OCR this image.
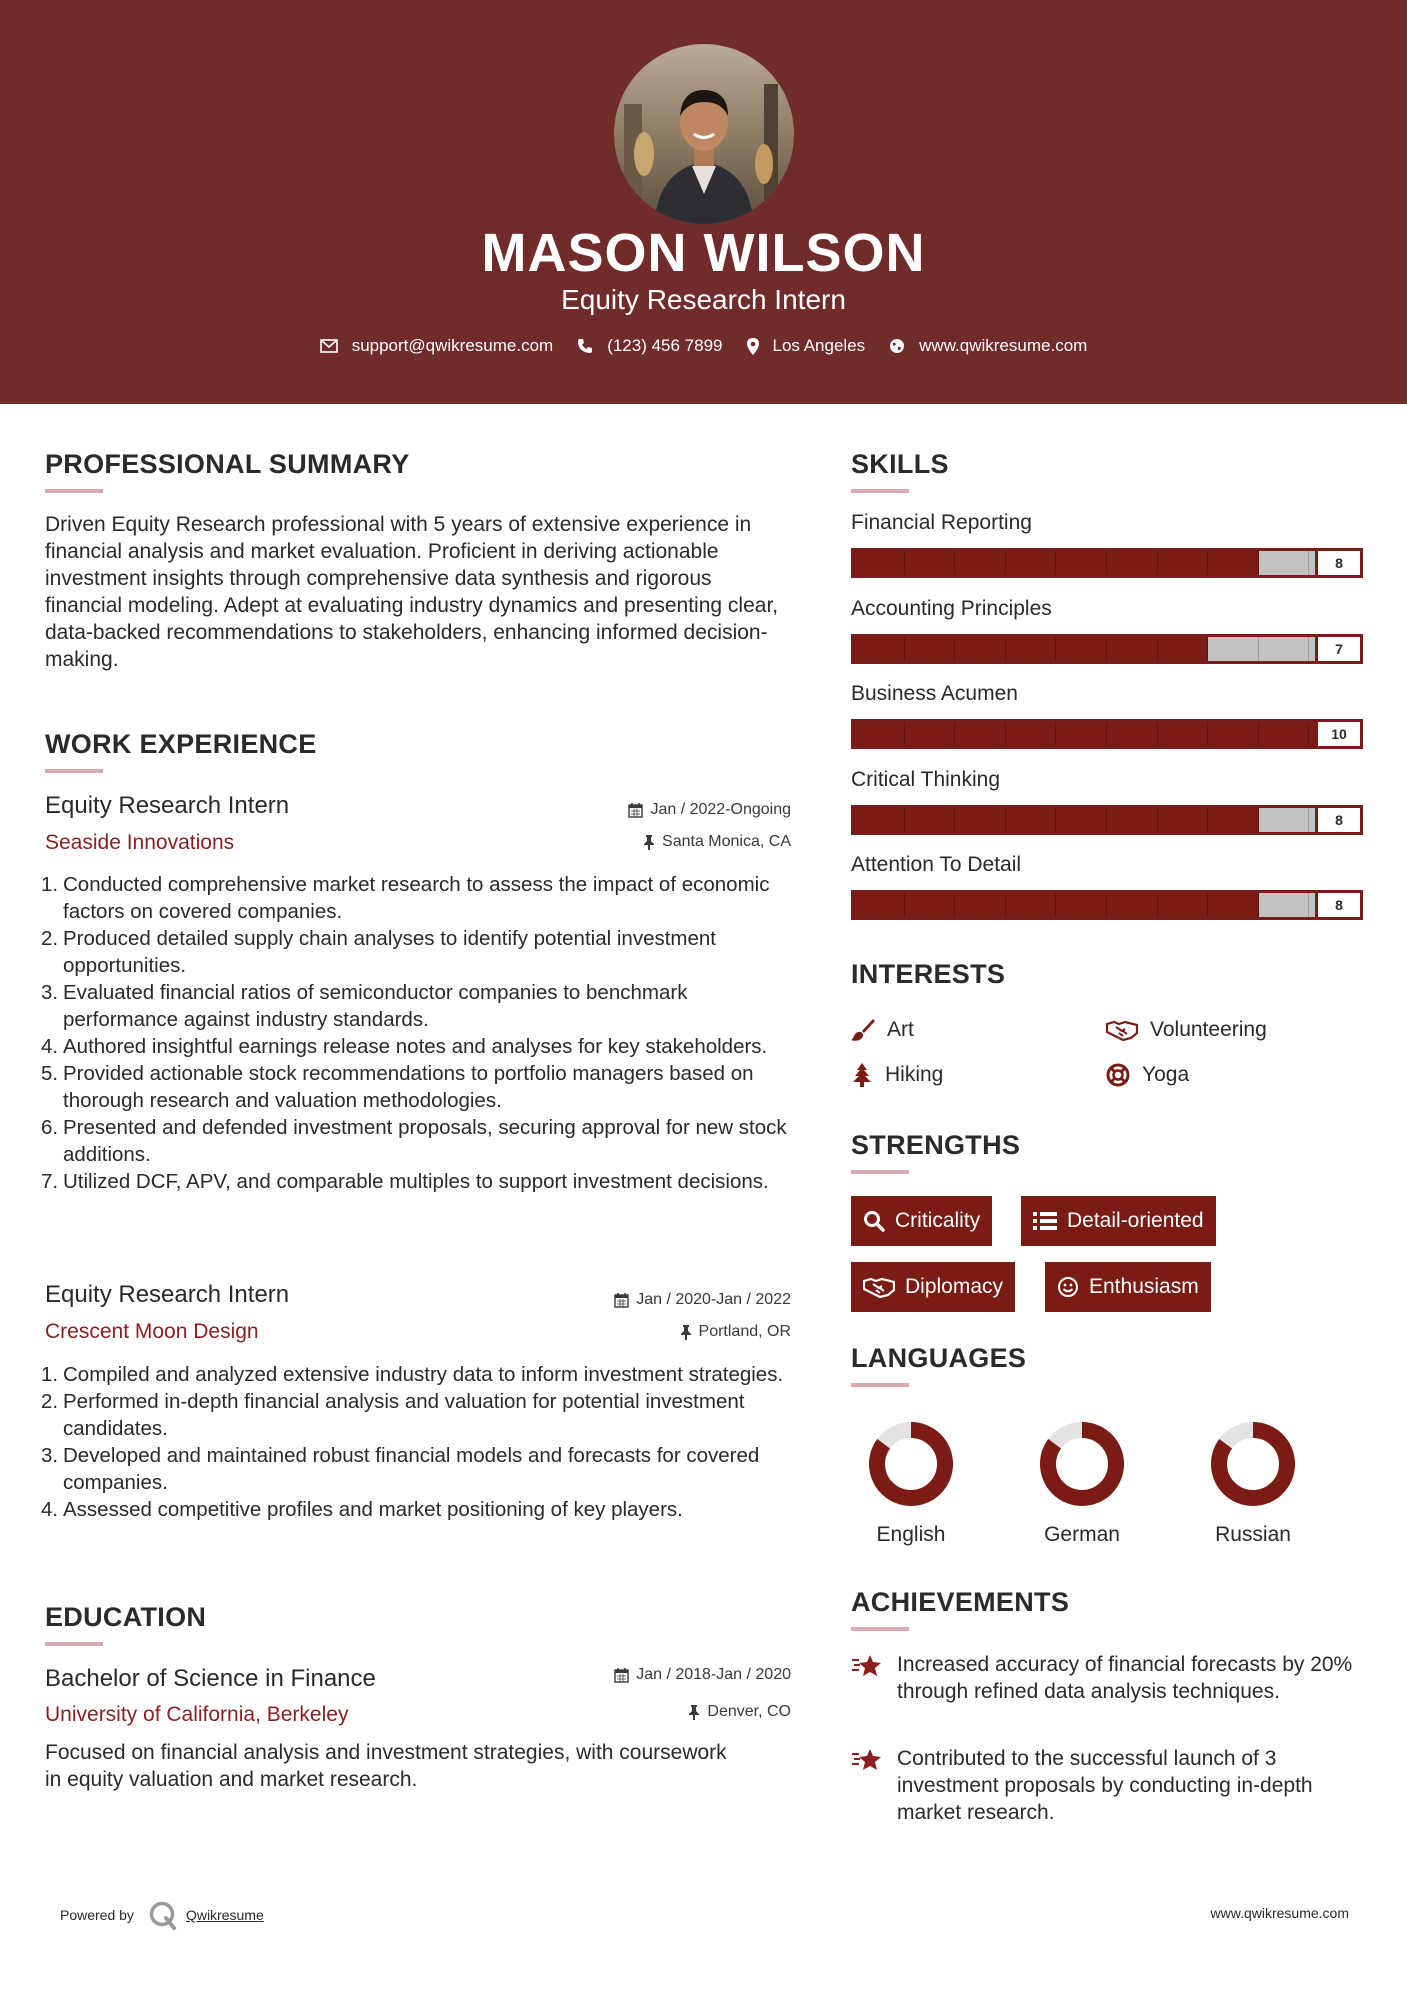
MASON WILSON
Equity Research Intern
support@qwikresume.com	(123) 456 7899	Los Angeles	www.qwikresume.com
PROFESSIONAL SUMMARY
Driven Equity Research professional with 5 years of extensive experience in financial analysis and market evaluation. Proficient in deriving actionable investment insights through comprehensive data synthesis and rigorous financial modeling. Adept at evaluating industry dynamics and presenting clear, data-backed recommendations to stakeholders, enhancing informed decision-making.
WORK EXPERIENCE
Equity Research Intern	Jan / 2022-Ongoing
Seaside Innovations	Santa Monica, CA
1. Conducted comprehensive market research to assess the impact of economic factors on covered companies.
2. Produced detailed supply chain analyses to identify potential investment opportunities.
3. Evaluated financial ratios of semiconductor companies to benchmark performance against industry standards.
4. Authored insightful earnings release notes and analyses for key stakeholders.
5. Provided actionable stock recommendations to portfolio managers based on thorough research and valuation methodologies.
6. Presented and defended investment proposals, securing approval for new stock additions.
7. Utilized DCF, APV, and comparable multiples to support investment decisions.
Equity Research Intern	Jan / 2020-Jan / 2022
Crescent Moon Design	Portland, OR
1. Compiled and analyzed extensive industry data to inform investment strategies.
2. Performed in-depth financial analysis and valuation for potential investment candidates.
3. Developed and maintained robust financial models and forecasts for covered companies.
4. Assessed competitive profiles and market positioning of key players.
EDUCATION
Bachelor of Science in Finance	Jan / 2018-Jan / 2020
University of California, Berkeley	Denver, CO
Focused on financial analysis and investment strategies, with coursework in equity valuation and market research.
SKILLS
Financial Reporting
8
Accounting Principles
7
Business Acumen
10
Critical Thinking
8
Attention To Detail
8
INTERESTS
Art	Volunteering
Hiking	Yoga
STRENGTHS
Criticality	Detail-oriented
Diplomacy	Enthusiasm
LANGUAGES
English	German	Russian
ACHIEVEMENTS
Increased accuracy of financial forecasts by 20% through refined data analysis techniques.
Contributed to the successful launch of 3 investment proposals by conducting in-depth market research.
Powered by	Qwikresume	www.qwikresume.com
